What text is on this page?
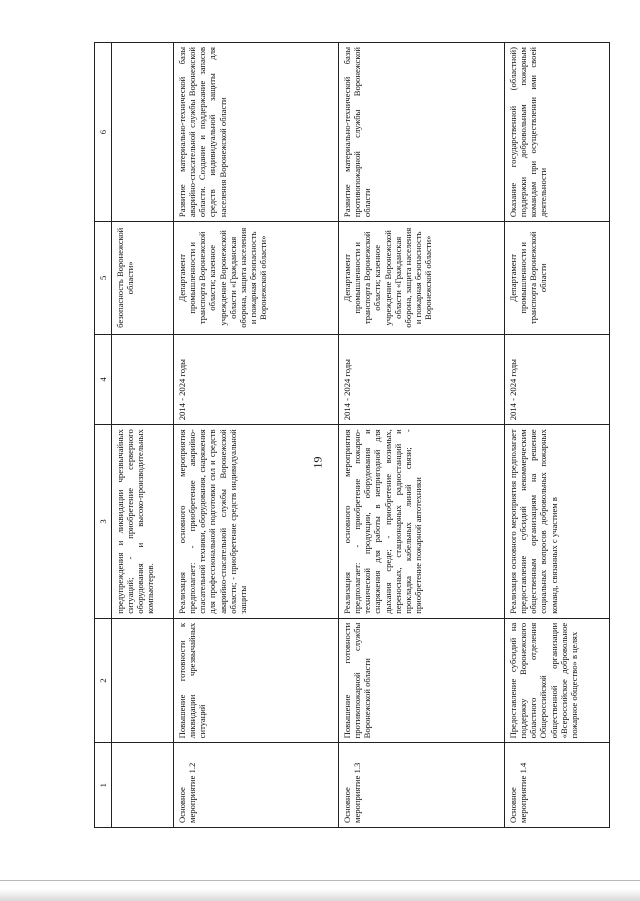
19
1	2	3	4	5	6
		предупреждения и ликвидации чрезвычайных ситуаций; - приобретение серверного оборудования и высоко-производительных компьютеров.		безопасность Воронежской области»	
Основное мероприятие 1.2	Повышение готовности к ликвидации чрезвычайных ситуаций	Реализация основного мероприятия предполагает: - приобретение аварийно-спасательной техники, оборудования, снаряжения для профессиональной подготовки сил и средств аварийно-спасательной службы Воронежской области; - приобретение средств индивидуальной защиты	2014 - 2024 годы	Департамент промышленности и транспорта Воронежской области; казенное учреждение Воронежской области «Гражданская оборона, защита населения и пожарная безопасность Воронежской области»	Развитие материально-технической базы аварийно-спасательной службы Воронежской области. Создание и поддержание запасов средств индивидуальной защиты для населения Воронежской области
Основное мероприятие 1.3	Повышение готовности противопожарной службы Воронежской области	Реализация основного мероприятия предполагает: - приобретение пожарно-технической продукции, оборудования и снаряжения для работы в непригодной для дыхания среде; - приобретение возимых, переносных, стационарных радиостанций и прокладка кабельных линий связи; - приобретение пожарной автотехники	2014 - 2024 годы	Департамент промышленности и транспорта Воронежской области; казенное учреждение Воронежской области «Гражданская оборона, защита населения и пожарная безопасность Воронежской области»	Развитие материально-технической базы противопожарной службы Воронежской области
Основное мероприятие 1.4	Предоставление субсидий на поддержку Воронежского областного отделения Общероссийской общественной организации «Всероссийское добровольное пожарное общество» в целях	Реализация основного мероприятия предполагает предоставление субсидий некоммерческим общественным организациям на решение социальных вопросов добровольных пожарных команд, связанных с участием в	2014 - 2024 годы	Департамент промышленности и транспорта Воронежской области	Оказание государственной (областной) поддержки добровольным пожарным командам при осуществлении ими своей деятельности
